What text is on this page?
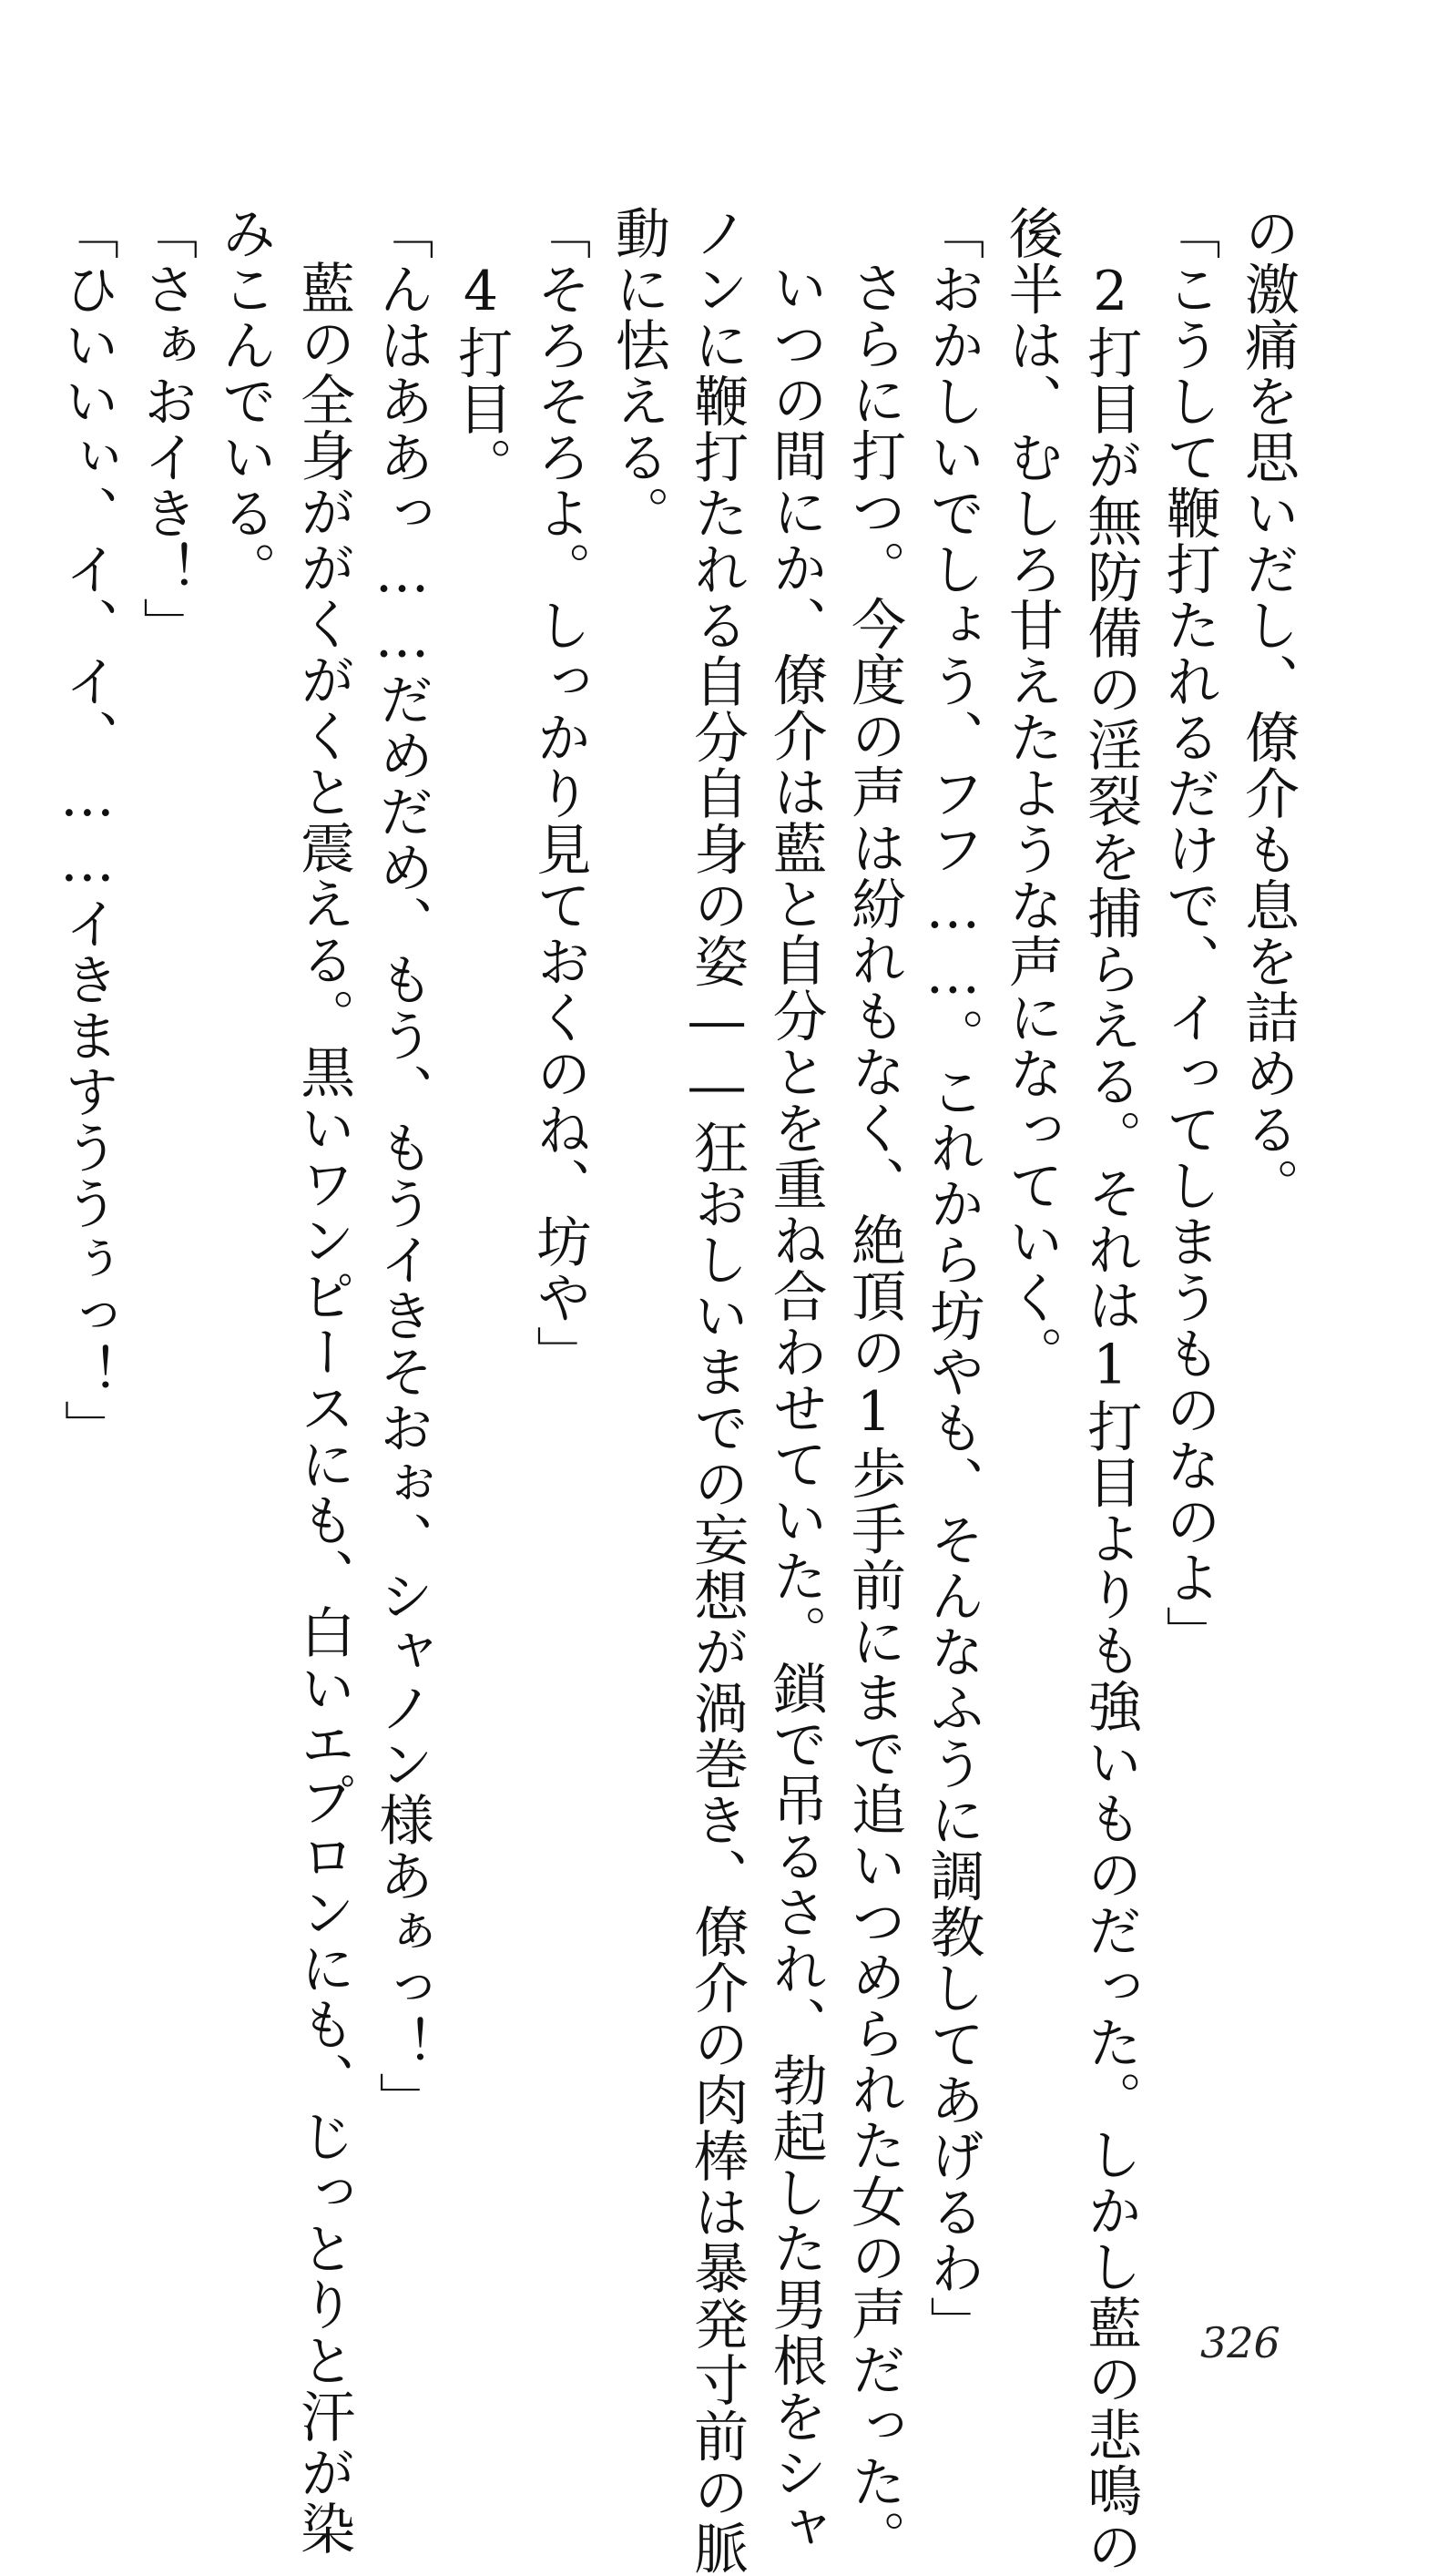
の激痛を思いだし、僚介も息を詰める。

「こうして鞭打たれるだけで、イってしまうものなのよ」

2打目が無防備の淫裂を捕らえる。それは1打目よりも強いものだった。しかし藍の悲鳴の

後半は、むしろ甘えたような声になっていく。

「おかしいでしょう、フフ……。これから坊やも、そんなふうに調教してあげるわ」

さらに打つ。今度の声は紛れもなく、絶頂の1歩手前にまで追いつめられた女の声だった。

いつの間にか、僚介は藍と自分とを重ね合わせていた。鎖で吊るされ、勃起した男根をシャ

ノンに鞭打たれる自分自身の姿――狂おしいまでの妄想が渦巻き、僚介の肉棒は暴発寸前の脈

動に怯える。

「そろそろよ。しっかり見ておくのね、坊や」

4打目。

「んはああっ……だめだめ、もう、もうイきそおぉ、シャノン様あぁっ！」

藍の全身ががくがくと震える。黒いワンピースにも、白いエプロンにも、じっとりと汗が染

みこんでいる。

「さぁおイき！」

「ひいいぃ、イ、イ、……イきますううぅっ！」

326
